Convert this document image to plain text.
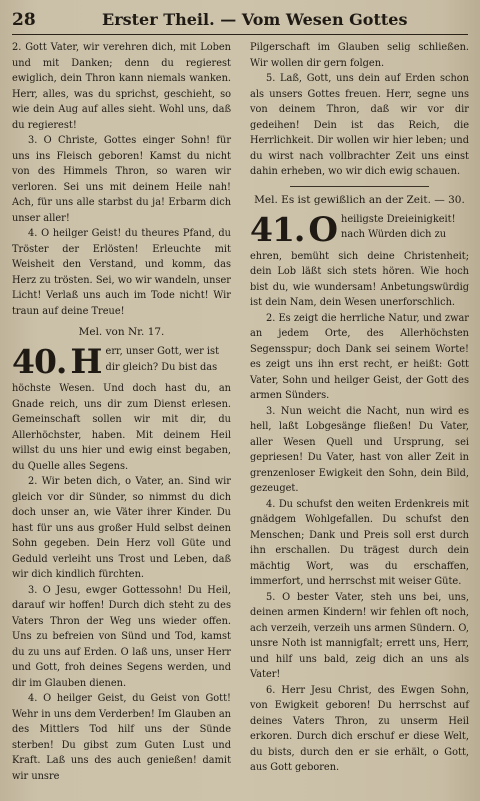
28	Erster Theil. — Vom Wesen Gottes

2. Gott Vater, wir verehren dich, mit Loben und mit Danken; denn du regierest ewiglich, dein Thron kann niemals wanken. Herr, alles, was du sprichst, geschieht, so wie dein Aug auf alles sieht. Wohl uns, daß du regierest!

3. O Christe, Gottes einger Sohn! für uns ins Fleisch geboren! Kamst du nicht von des Himmels Thron, so waren wir verloren. Sei uns mit deinem Heile nah! Ach, für uns alle starbst du ja! Erbarm dich unser aller!

4. O heilger Geist! du theures Pfand, du Tröster der Erlösten! Erleuchte mit Weisheit den Verstand, und komm, das Herz zu trösten. Sei, wo wir wandeln, unser Licht! Verlaß uns auch im Tode nicht! Wir traun auf deine Treue!

Mel. von Nr. 17.

40. H err, unser Gott, wer ist dir gleich? Du bist das

höchste Wesen. Und doch hast du, an Gnade reich, uns dir zum Dienst erlesen. Gemeinschaft sollen wir mit dir, du Allerhöchster, haben. Mit deinem Heil willst du uns hier und ewig einst begaben, du Quelle alles Segens.

2. Wir beten dich, o Vater, an. Sind wir gleich vor dir Sünder, so nimmst du dich doch unser an, wie Väter ihrer Kinder. Du hast für uns aus großer Huld selbst deinen Sohn gegeben. Dein Herz voll Güte und Geduld verleiht uns Trost und Leben, daß wir dich kindlich fürchten.

3. O Jesu, ewger Gottessohn! Du Heil, darauf wir hoffen! Durch dich steht zu des Vaters Thron der Weg uns wieder offen. Uns zu befreien von Sünd und Tod, kamst du zu uns auf Erden. O laß uns, unser Herr und Gott, froh deines Segens werden, und dir im Glauben dienen.

4. O heilger Geist, du Geist von Gott! Wehr in uns dem Verderben! Im Glauben an des Mittlers Tod hilf uns der Sünde sterben! Du gibst zum Guten Lust und Kraft. Laß uns des auch genießen! damit wir unsre

Pilgerschaft im Glauben selig schließen. Wir wollen dir gern folgen.

5. Laß, Gott, uns dein auf Erden schon als unsers Gottes freuen. Herr, segne uns von deinem Thron, daß wir vor dir gedeihen! Dein ist das Reich, die Herrlichkeit. Dir wollen wir hier leben; und du wirst nach vollbrachter Zeit uns einst dahin erheben, wo wir dich ewig schauen.

Mel. Es ist gewißlich an der Zeit. — 30.

41. O heiligste Dreieinigkeit! nach Würden dich zu

ehren, bemüht sich deine Christenheit; dein Lob läßt sich stets hören. Wie hoch bist du, wie wundersam! Anbetungswürdig ist dein Nam, dein Wesen unerforschlich.

2. Es zeigt die herrliche Natur, und zwar an jedem Orte, des Allerhöchsten Segensspur; doch Dank sei seinem Worte! es zeigt uns ihn erst recht, er heißt: Gott Vater, Sohn und heilger Geist, der Gott des armen Sünders.

3. Nun weicht die Nacht, nun wird es hell, laßt Lobgesänge fließen! Du Vater, aller Wesen Quell und Ursprung, sei gepriesen! Du Vater, hast von aller Zeit in grenzenloser Ewigkeit den Sohn, dein Bild, gezeuget.

4. Du schufst den weiten Erdenkreis mit gnädgem Wohlgefallen. Du schufst den Menschen; Dank und Preis soll erst durch ihn erschallen. Du trägest durch dein mächtig Wort, was du erschaffen, immerfort, und herrschst mit weiser Güte.

5. O bester Vater, steh uns bei, uns, deinen armen Kindern! wir fehlen oft noch, ach verzeih, verzeih uns armen Sündern. O, unsre Noth ist mannigfalt; errett uns, Herr, und hilf uns bald, zeig dich an uns als Vater!

6. Herr Jesu Christ, des Ewgen Sohn, von Ewigkeit geboren! Du herrschst auf deines Vaters Thron, zu unserm Heil erkoren. Durch dich erschuf er diese Welt, du bists, durch den er sie erhält, o Gott, aus Gott geboren.
